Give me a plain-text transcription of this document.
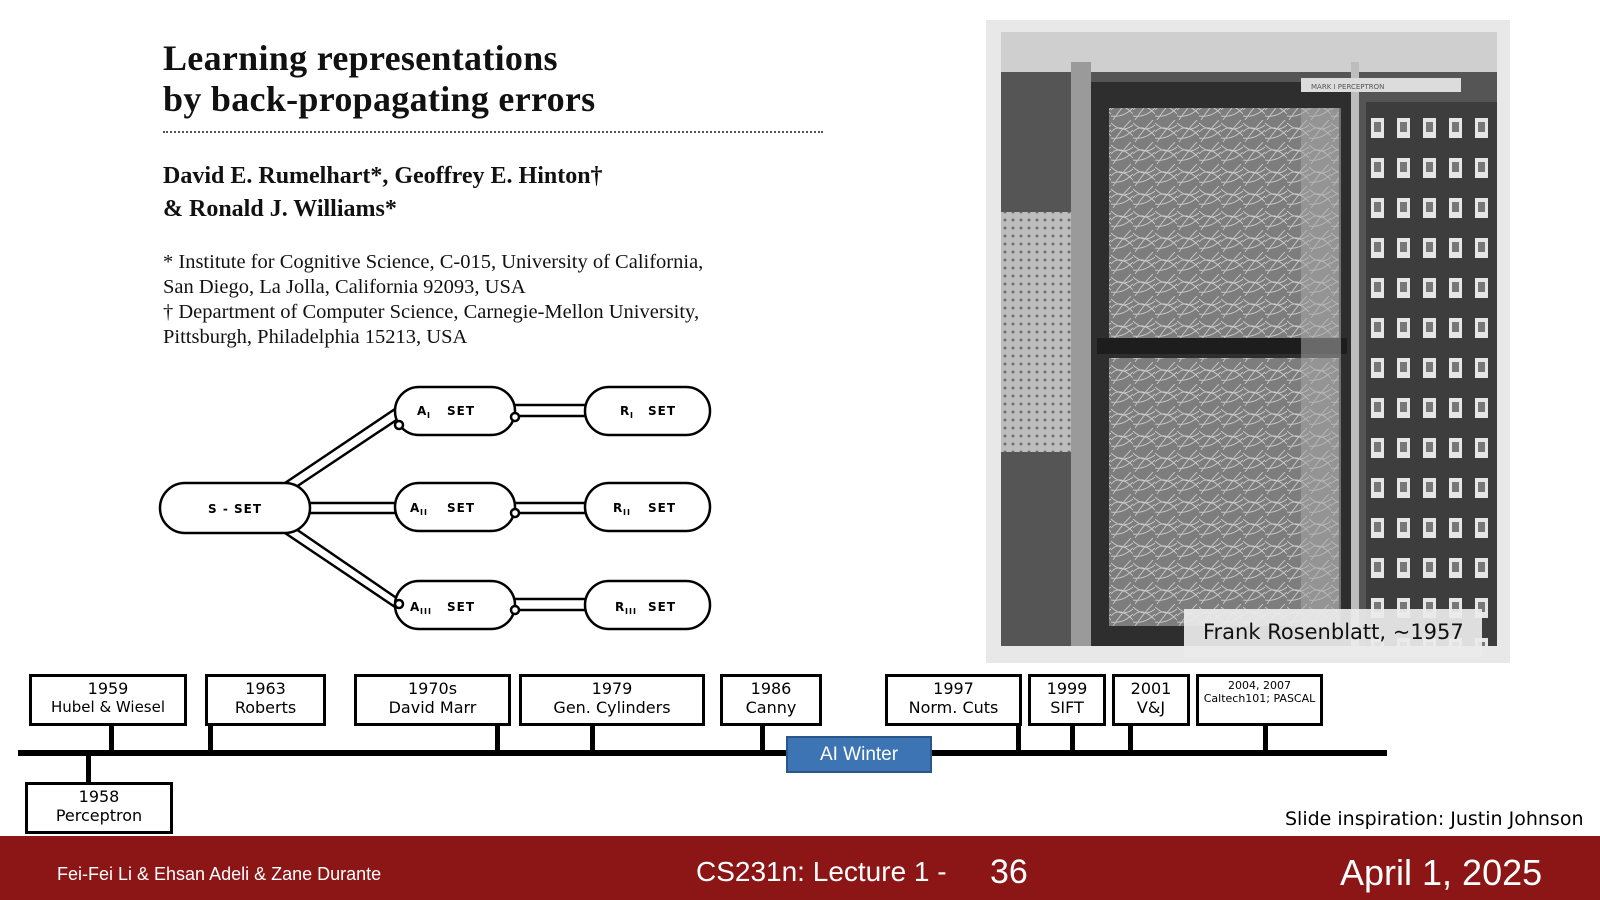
Learning representations
by back-propagating errors
David E. Rumelhart*, Geoffrey E. Hinton†
& Ronald J. Williams*
* Institute for Cognitive Science, C-015, University of California,
San Diego, La Jolla, California 92093, USA
† Department of Computer Science, Carnegie-Mellon University,
Pittsburgh, Philadelphia 15213, USA
S - SET
A I SET
A II SET
A III SET
R I SET
R II SET
R III SET
MARK I PERCEPTRON
Frank Rosenblatt, ~1957
1959
Hubel & Wiesel
1963
Roberts
1970s
David Marr
1979
Gen. Cylinders
1986
Canny
1997
Norm. Cuts
1999
SIFT
2001
V&J
2004, 2007
Caltech101; PASCAL
1958
Perceptron
AI Winter
Slide inspiration: Justin Johnson
Fei-Fei Li & Ehsan Adeli & Zane Durante	CS231n: Lecture 1 - 36	April 1, 2025
